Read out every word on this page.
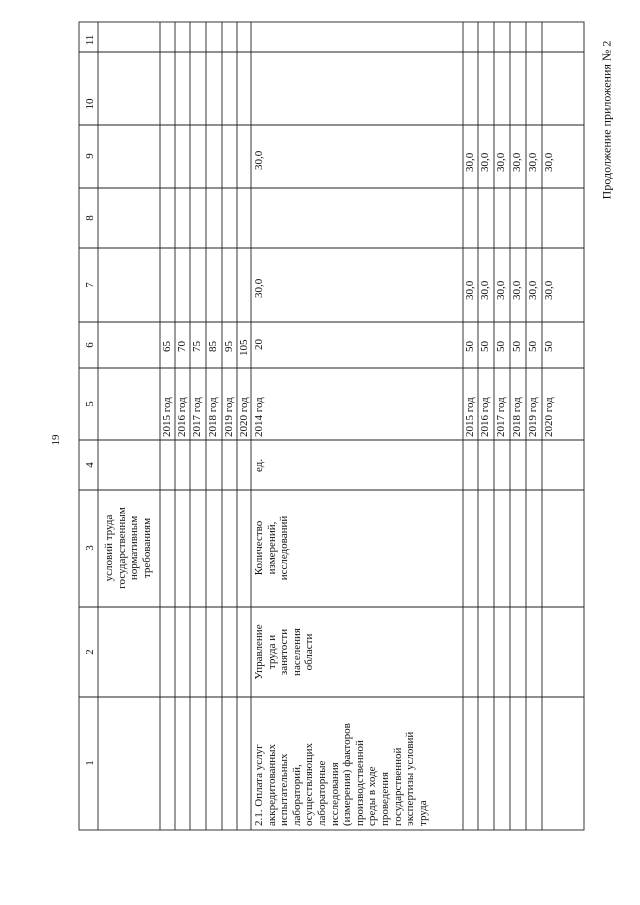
19
Продолжение приложения № 2
1
2
3
4
5
6
7
8
9
10
11
условий труда государственным нормативным требованиям
2015 год 2016 год 2017 год 2018 год 2019 год 2020 год
65 70 75 85 95 105
2.1. Оплата услуг аккредитованных испытательных лабораторий, осуществляющих лабораторные исследования (измерения) факторов производственной среды в ходе проведения государственной экспертизы условий труда
Управление труда и занятости населения области
Количество измерений, исследований
ед.
2014 год
20
30,0
30,0
2015 год 2016 год 2017 год 2018 год 2019 год 2020 год
50 50 50 50 50 50
30,0 30,0 30,0 30,0 30,0 30,0
30,0 30,0 30,0 30,0 30,0 30,0
